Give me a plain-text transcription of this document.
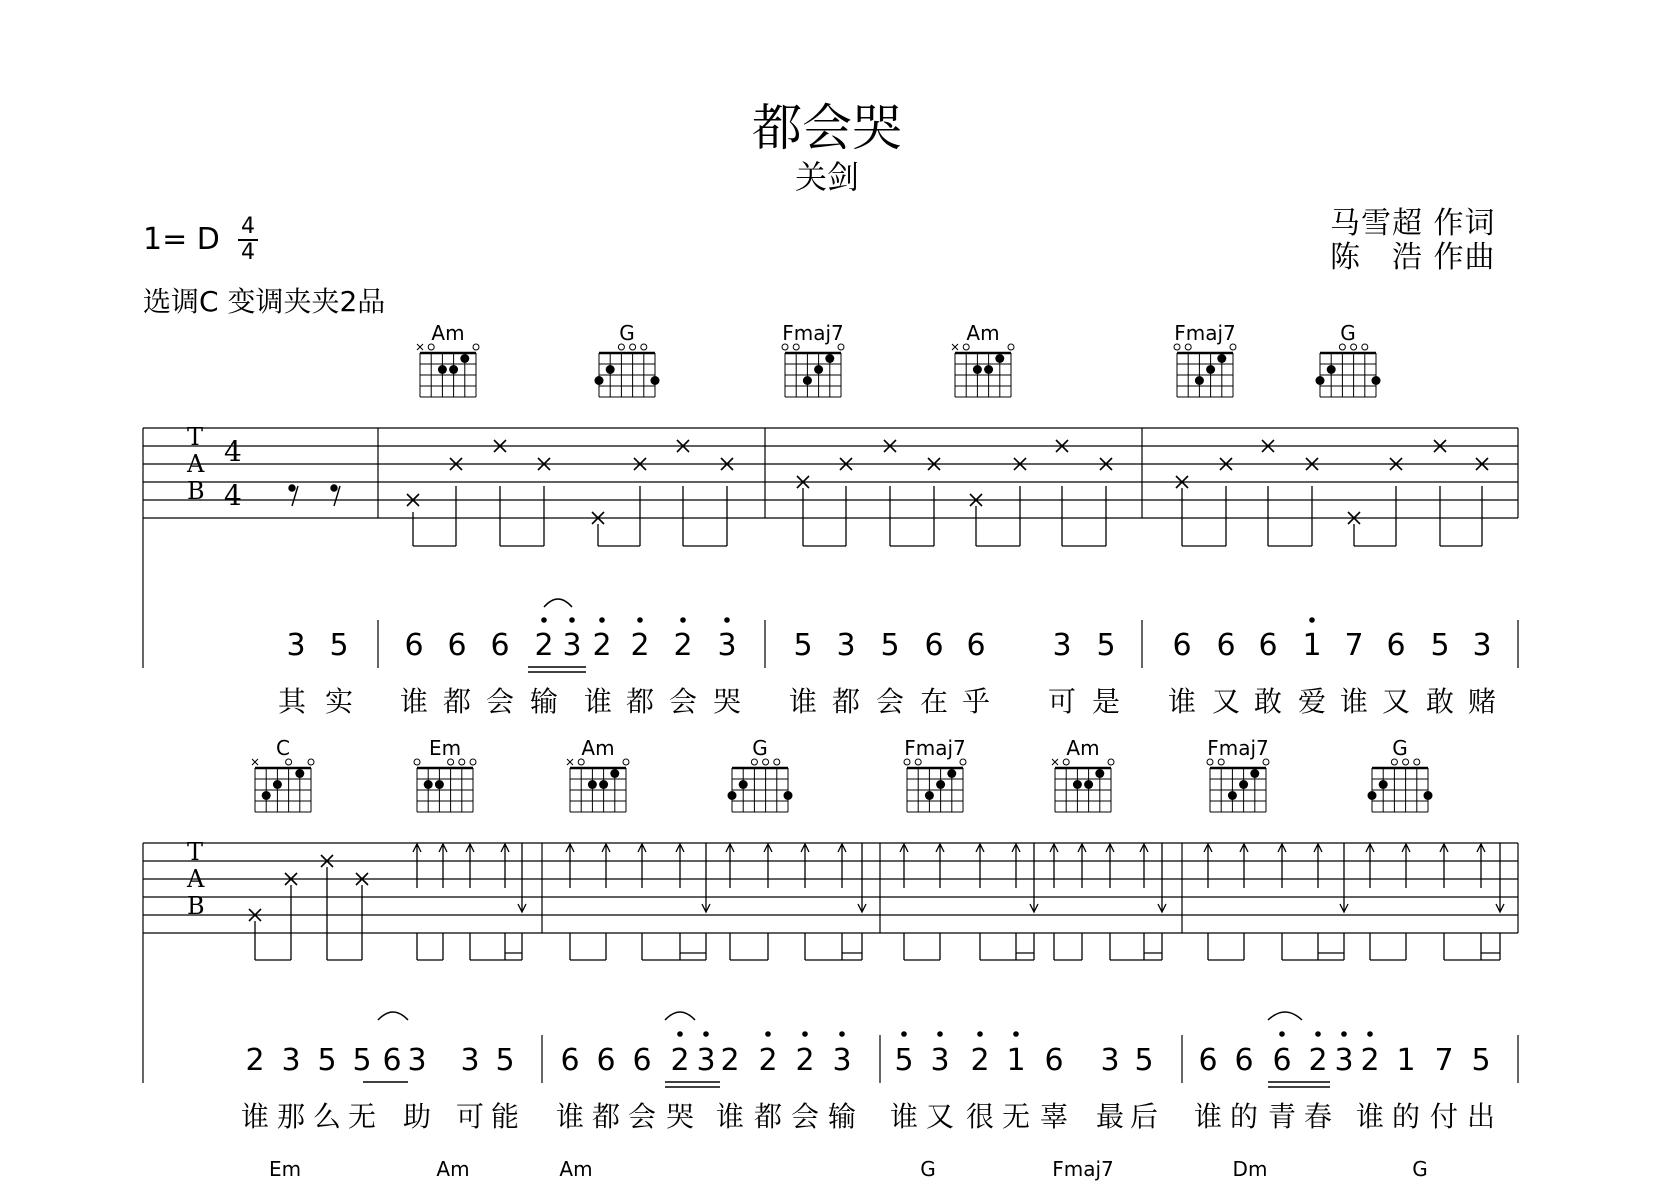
都会哭
关剑
1= D 4
4
选调C 变调夹夹2品
马雪超 作词
陈　浩 作曲
T
A
B
4
4
T
A
B
Am	G	Fmaj7	Am	Fmaj7	G
C	Em	Am	G	Fmaj7	Am	Fmaj7	G
Em	Am	Am	G	Fmaj7	Dm	G
3 5 6 6 6 2 3 2 2 2 3 5 3 5 6 6 3 5 6 6 6 1 7 6 5 3
其 实 谁 都 会 输 谁 都 会 哭 谁 都 会 在 乎 可 是 谁 又 敢 爱 谁 又 敢 赌
2 3 5 5 6 3 3 5 6 6 6 2 3 2 2 2 3 5 3 2 1 6 3 5 6 6 6 2 3 2 1 7 5
谁 那 么 无 助 可 能 谁 都 会 哭 谁 都 会 输 谁 又 很 无 辜 最 后 谁 的 青 春 谁 的 付 出
